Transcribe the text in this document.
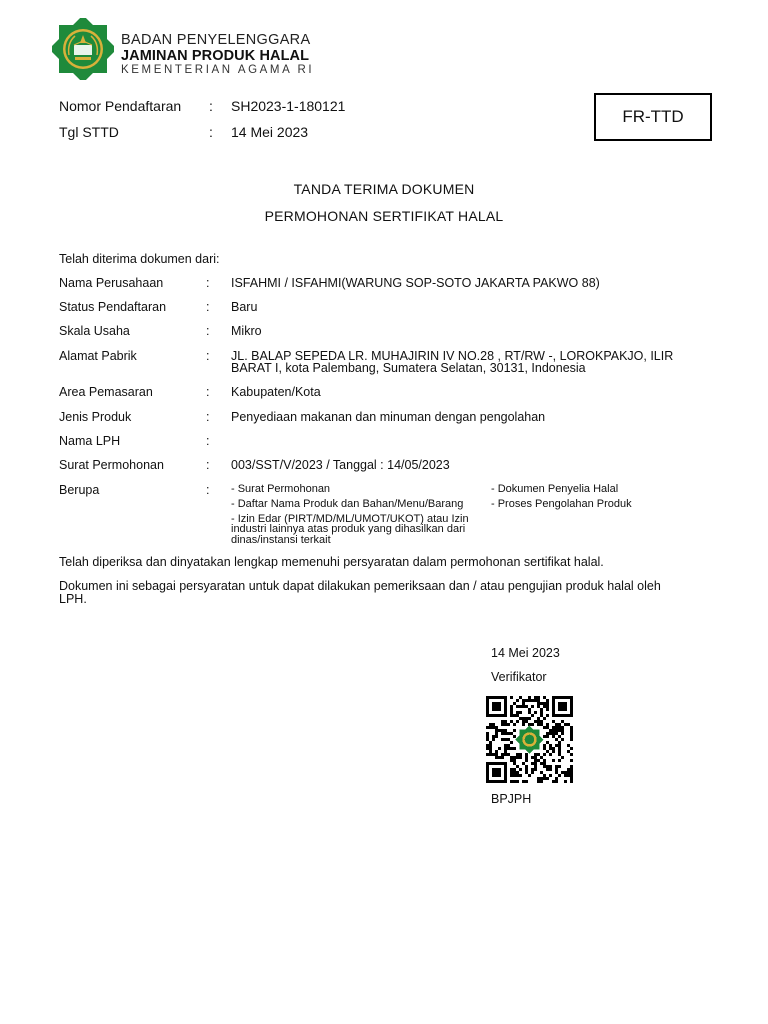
BADAN PENYELENGGARA
JAMINAN PRODUK HALAL
KEMENTERIAN AGAMA RI
Nomor Pendaftaran : SH2023-1-180121
Tgl STTD	: 14 Mei 2023
FR-TTD
TANDA TERIMA DOKUMEN
PERMOHONAN SERTIFIKAT HALAL
Telah diterima dokumen dari:
Nama Perusahaan	: ISFAHMI / ISFAHMI(WARUNG SOP-SOTO JAKARTA PAKWO 88)
Status Pendaftaran	: Baru
Skala Usaha	: Mikro
Alamat Pabrik	: JL. BALAP SEPEDA LR. MUHAJIRIN IV NO.28 , RT/RW -, LOROKPAKJO, ILIR
BARAT I, kota Palembang, Sumatera Selatan, 30131, Indonesia
Area Pemasaran	: Kabupaten/Kota
Jenis Produk	: Penyediaan makanan dan minuman dengan pengolahan
Nama LPH	:
Surat Permohonan	: 003/SST/V/2023 / Tanggal : 14/05/2023
Berupa	: - Surat Permohonan
- Daftar Nama Produk dan Bahan/Menu/Barang
- Izin Edar (PIRT/MD/ML/UMOT/UKOT) atau Izin
industri lainnya atas produk yang dihasilkan dari
dinas/instansi terkait
- Dokumen Penyelia Halal
- Proses Pengolahan Produk
Telah diperiksa dan dinyatakan lengkap memenuhi persyaratan dalam permohonan sertifikat halal.
Dokumen ini sebagai persyaratan untuk dapat dilakukan pemeriksaan dan / atau pengujian produk halal oleh
LPH.
14 Mei 2023
Verifikator
BPJPH
